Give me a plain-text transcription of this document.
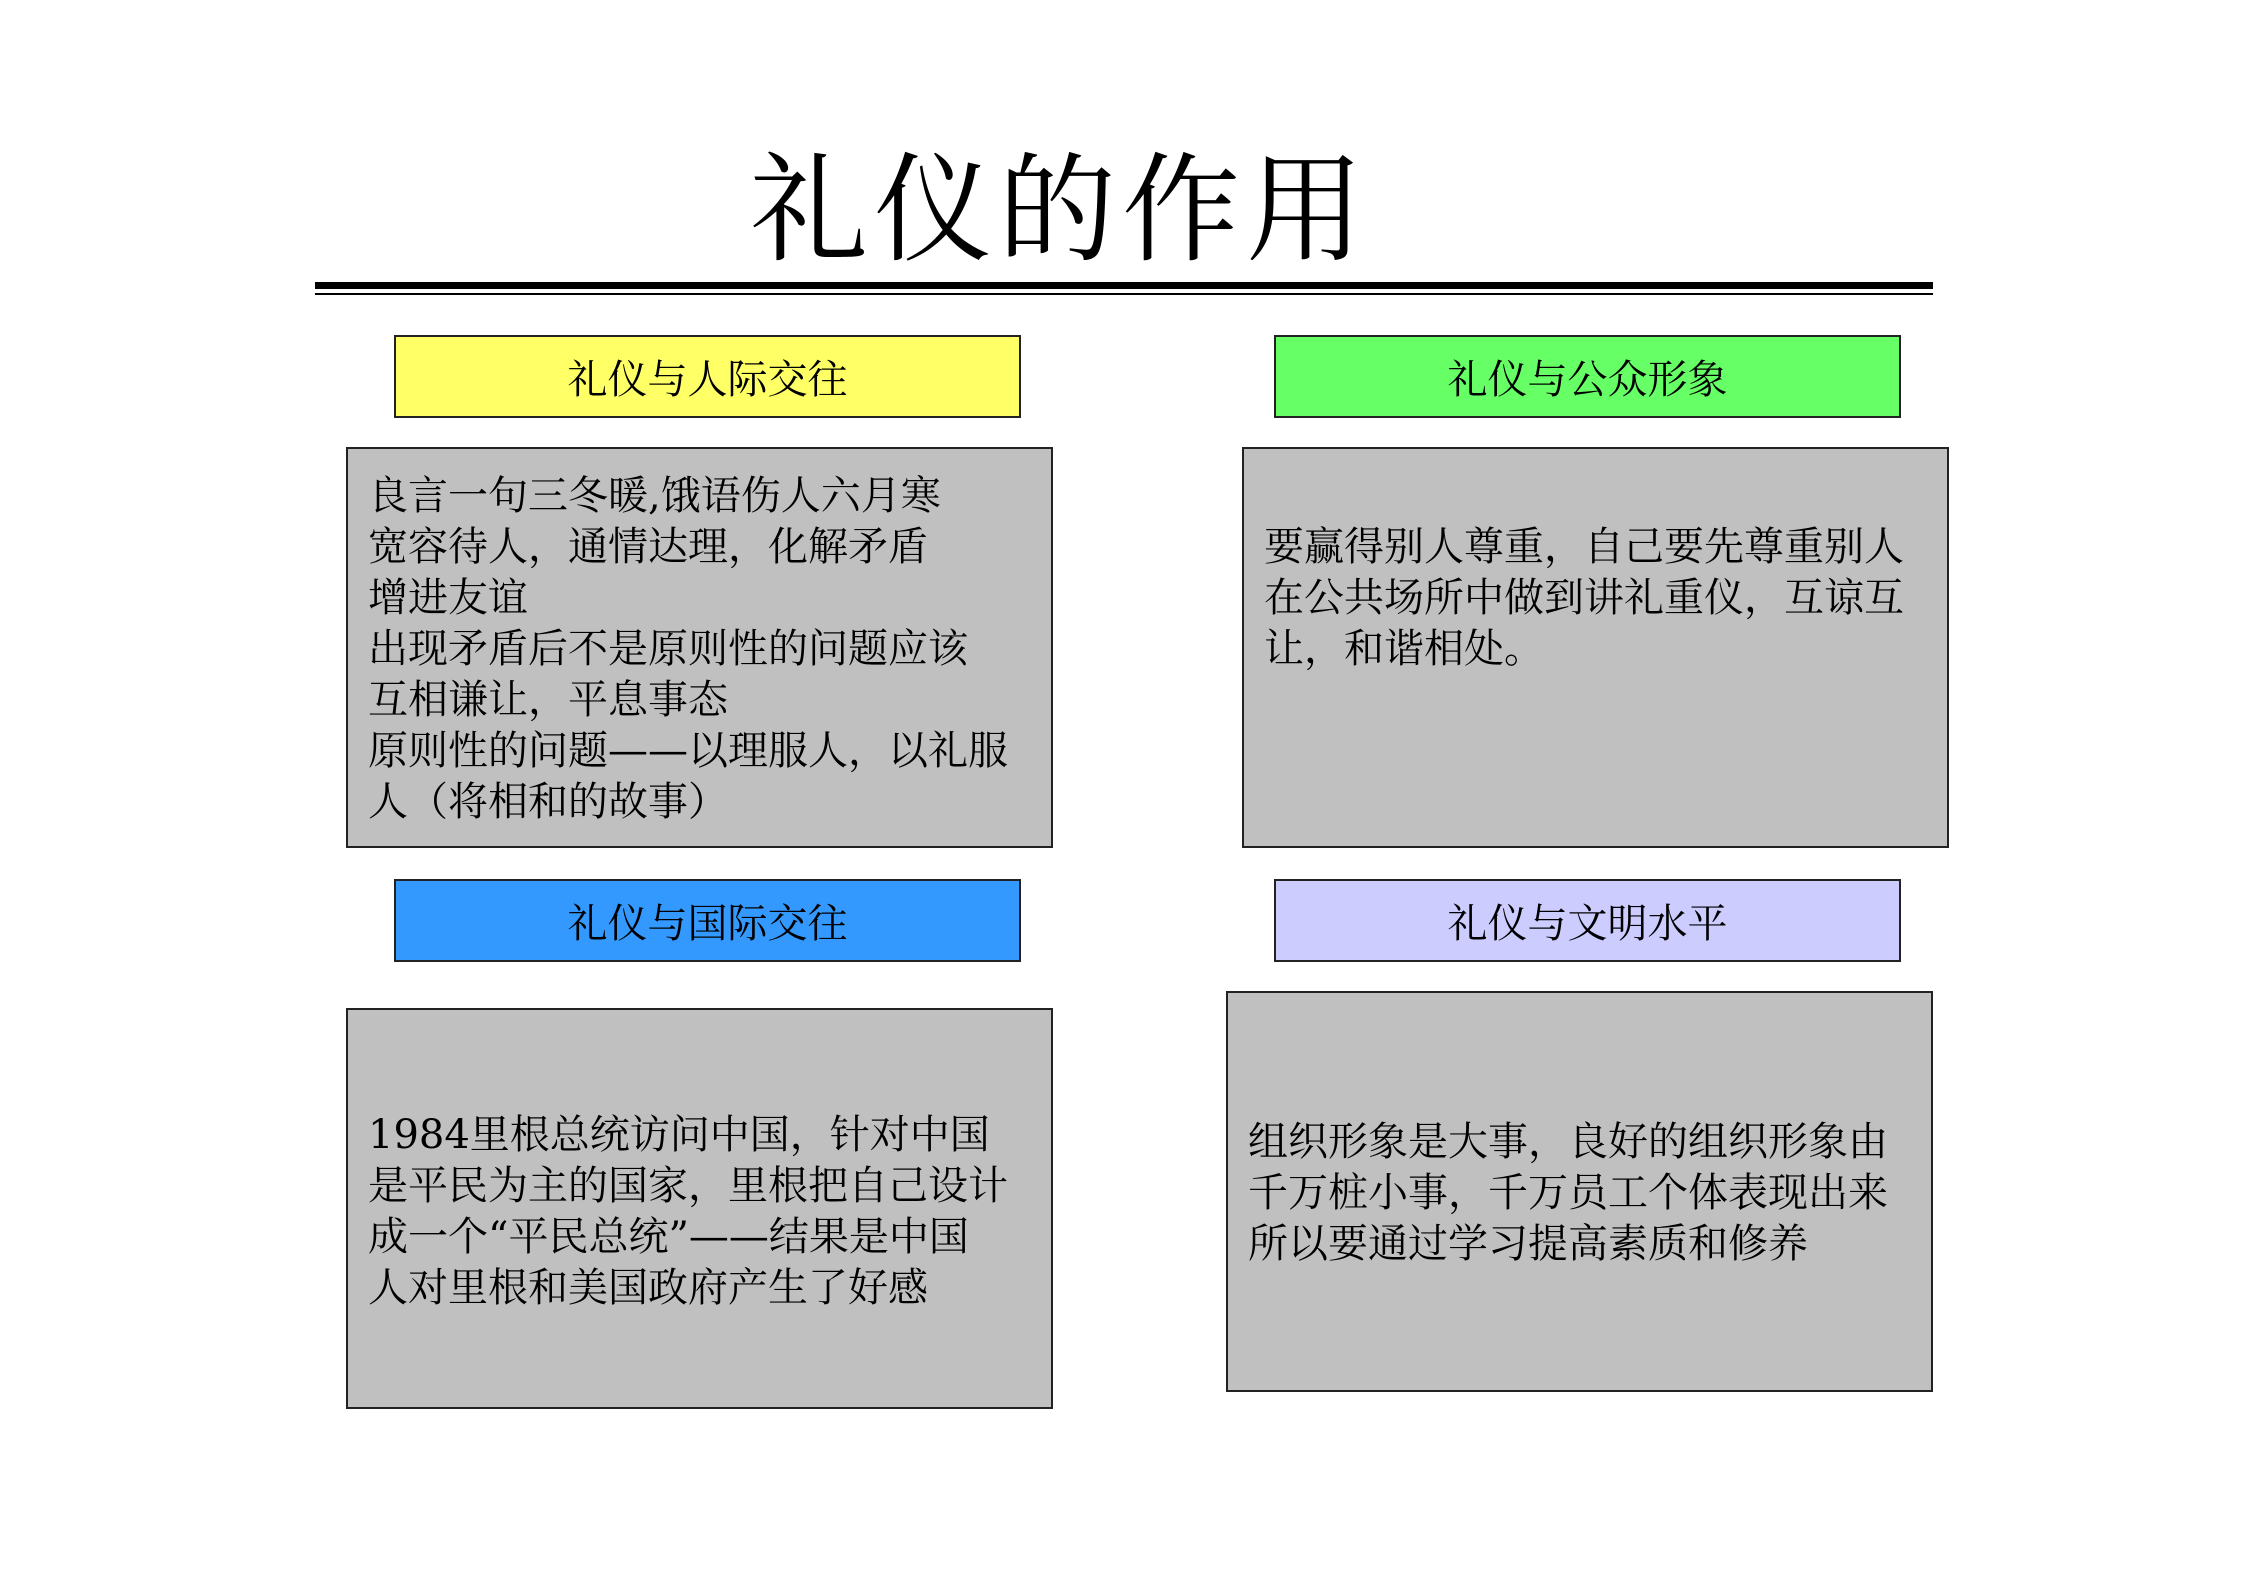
礼仪的作用
礼仪与人际交往
良言一句三冬暖,饿语伤人六月寒
宽容待人，通情达理，化解矛盾
增进友谊
出现矛盾后不是原则性的问题应该
互相谦让，平息事态
原则性的问题——以理服人，以礼服
人（将相和的故事）
礼仪与公众形象
要赢得别人尊重，自己要先尊重别人
在公共场所中做到讲礼重仪，互谅互
让，和谐相处。
礼仪与国际交往
1984里根总统访问中国，针对中国
是平民为主的国家，里根把自己设计
成一个“平民总统”——结果是中国
人对里根和美国政府产生了好感
礼仪与文明水平
组织形象是大事，良好的组织形象由
千万桩小事，千万员工个体表现出来
所以要通过学习提高素质和修养
